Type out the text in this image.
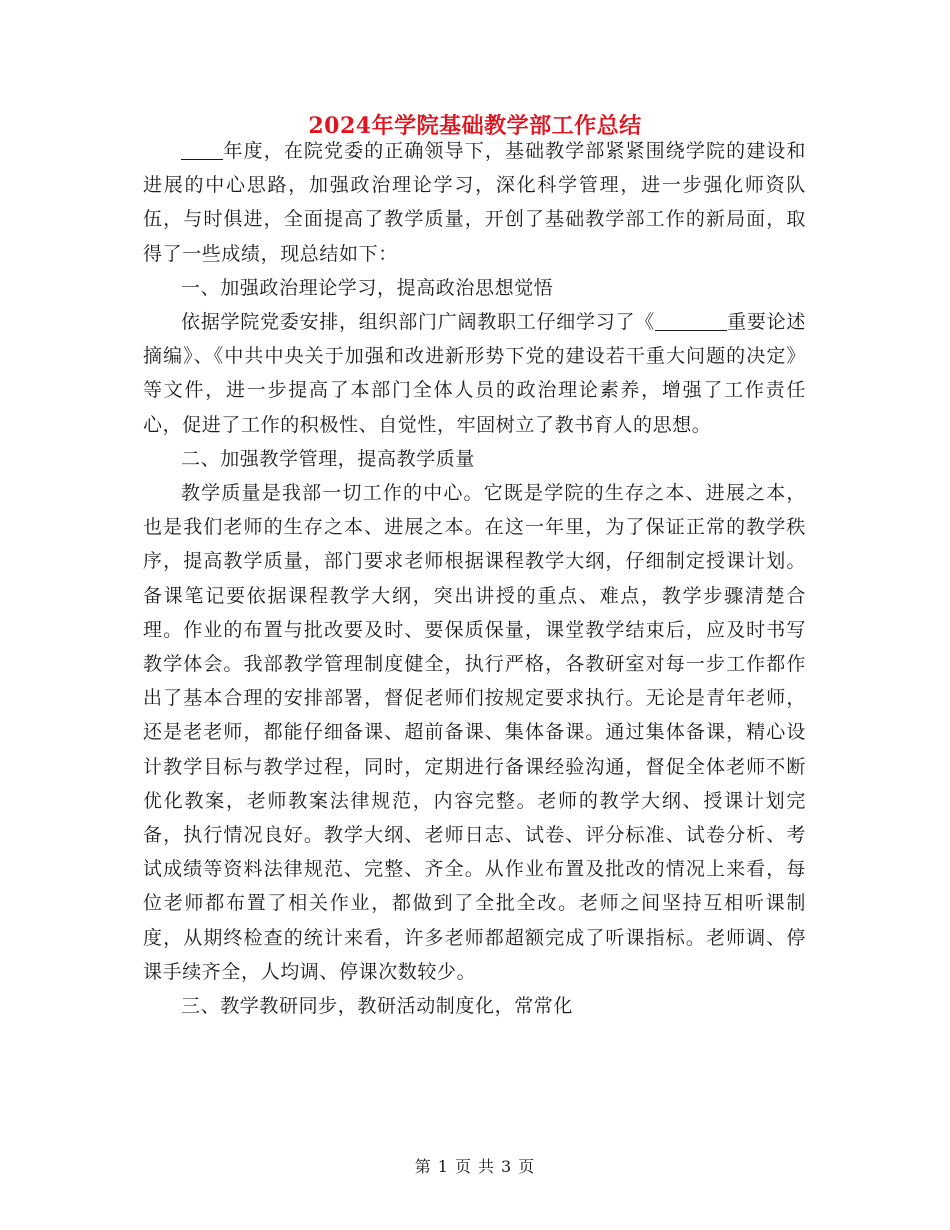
2024年学院基础教学部工作总结

年度，在院党委的正确领导下，基础教学部紧紧围绕学院的建设和进展的中心思路，加强政治理论学习，深化科学管理，进一步强化师资队伍，与时俱进，全面提高了教学质量，开创了基础教学部工作的新局面，取得了一些成绩，现总结如下：

一、加强政治理论学习，提高政治思想觉悟

依据学院党委安排，组织部门广阔教职工仔细学习了《	重要论述摘编》、《中共中央关于加强和改进新形势下党的建设若干重大问题的决定》等文件，进一步提高了本部门全体人员的政治理论素养，增强了工作责任心，促进了工作的积极性、自觉性，牢固树立了教书育人的思想。

二、加强教学管理，提高教学质量

教学质量是我部一切工作的中心。它既是学院的生存之本、进展之本，也是我们老师的生存之本、进展之本。在这一年里，为了保证正常的教学秩序，提高教学质量，部门要求老师根据课程教学大纲，仔细制定授课计划。备课笔记要依据课程教学大纲，突出讲授的重点、难点，教学步骤清楚合理。作业的布置与批改要及时、要保质保量，课堂教学结束后，应及时书写教学体会。我部教学管理制度健全，执行严格，各教研室对每一步工作都作出了基本合理的安排部署，督促老师们按规定要求执行。无论是青年老师，还是老老师，都能仔细备课、超前备课、集体备课。通过集体备课，精心设计教学目标与教学过程，同时，定期进行备课经验沟通，督促全体老师不断优化教案，老师教案法律规范，内容完整。老师的教学大纲、授课计划完备，执行情况良好。教学大纲、老师日志、试卷、评分标准、试卷分析、考试成绩等资料法律规范、完整、齐全。从作业布置及批改的情况上来看，每位老师都布置了相关作业，都做到了全批全改。老师之间坚持互相听课制度，从期终检查的统计来看，许多老师都超额完成了听课指标。老师调、停课手续齐全，人均调、停课次数较少。

三、教学教研同步，教研活动制度化，常常化

第 1 页 共 3 页
